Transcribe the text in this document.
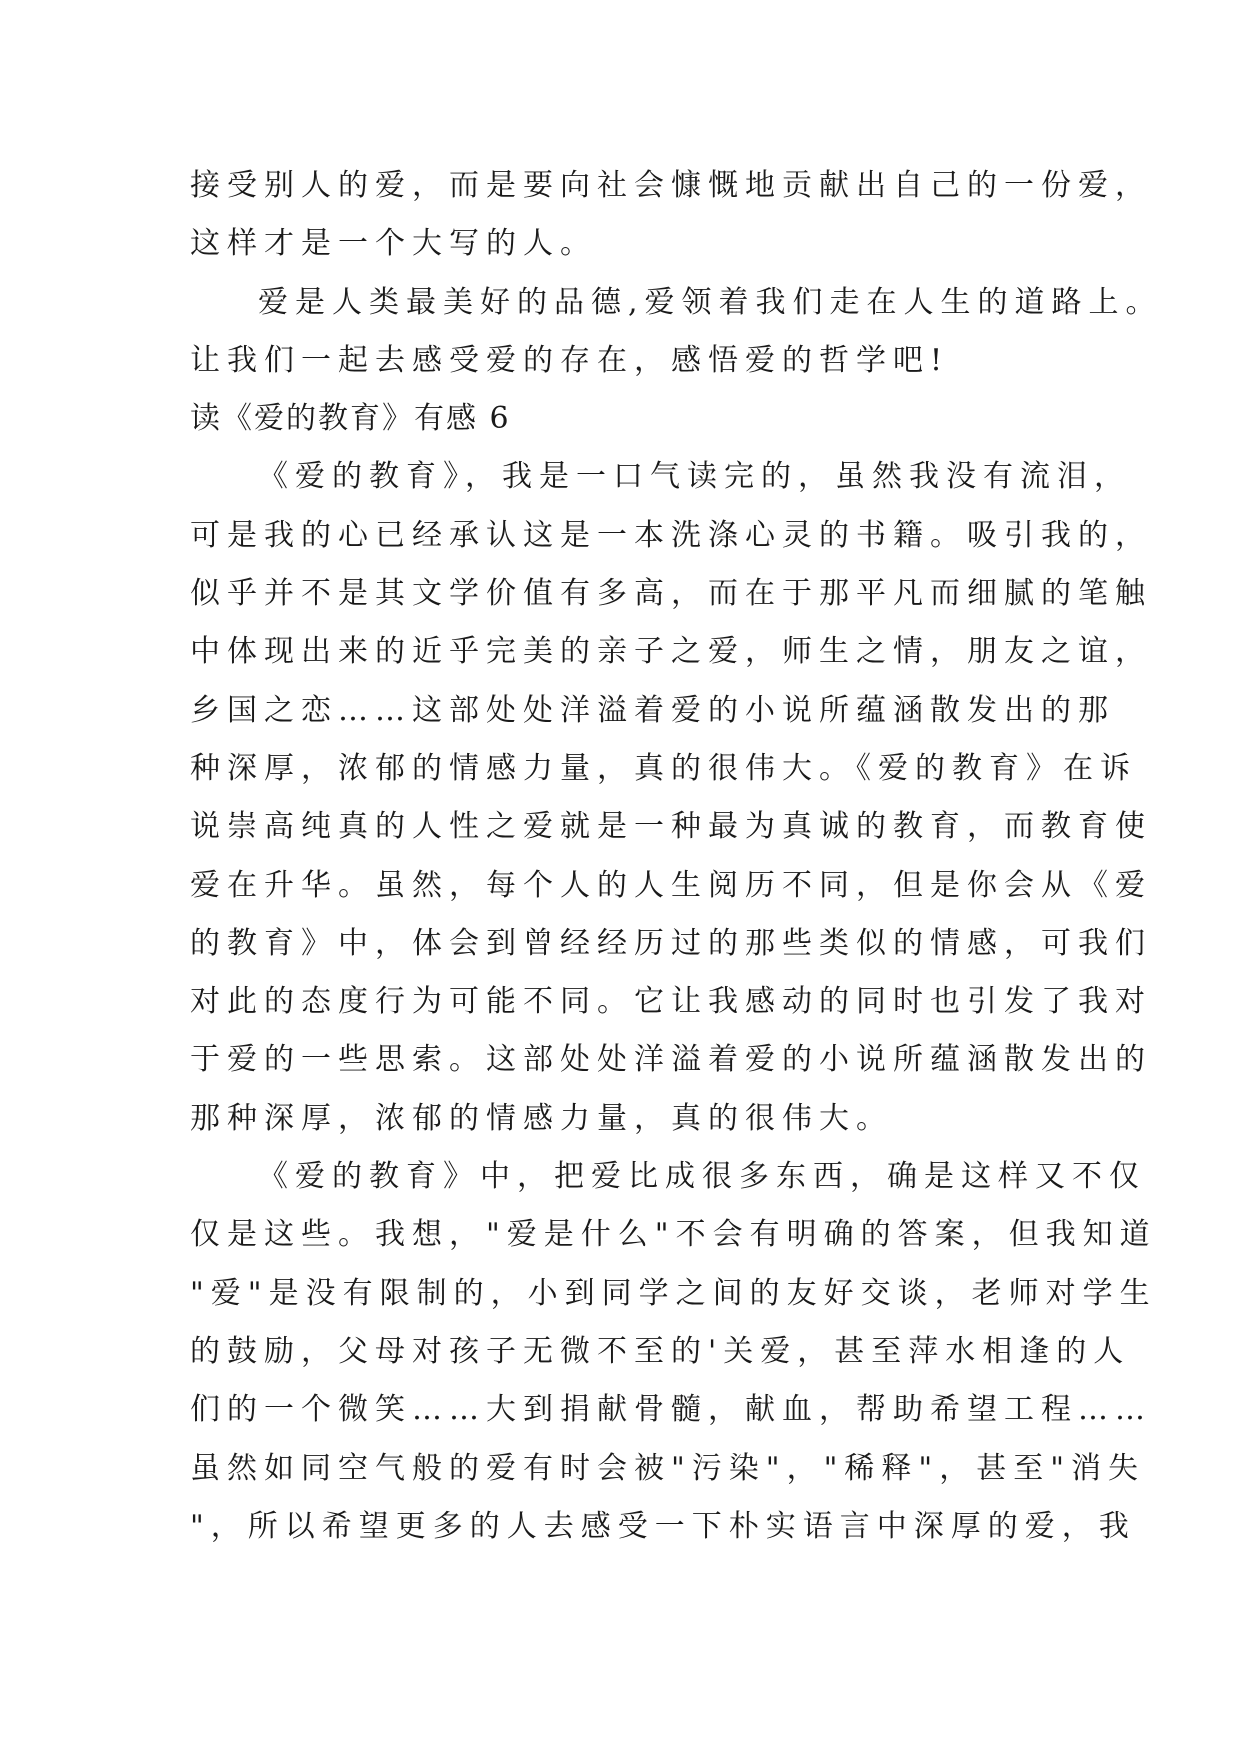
接受别人的爱，而是要向社会慷慨地贡献出自己的一份爱，
这样才是一个大写的人。
爱是人类最美好的品德,爱领着我们走在人生的道路上。
让我们一起去感受爱的存在，感悟爱的哲学吧!
读《爱的教育》有感 6
《爱的教育》，我是一口气读完的，虽然我没有流泪，
可是我的心已经承认这是一本洗涤心灵的书籍。吸引我的，
似乎并不是其文学价值有多高，而在于那平凡而细腻的笔触
中体现出来的近乎完美的亲子之爱，师生之情，朋友之谊，
乡国之恋……这部处处洋溢着爱的小说所蕴涵散发出的那
种深厚，浓郁的情感力量，真的很伟大。《爱的教育》在诉
说崇高纯真的人性之爱就是一种最为真诚的教育，而教育使
爱在升华。虽然，每个人的人生阅历不同，但是你会从《爱
的教育》中，体会到曾经经历过的那些类似的情感，可我们
对此的态度行为可能不同。它让我感动的同时也引发了我对
于爱的一些思索。这部处处洋溢着爱的小说所蕴涵散发出的
那种深厚，浓郁的情感力量，真的很伟大。
《爱的教育》中，把爱比成很多东西，确是这样又不仅
仅是这些。我想，"爱是什么"不会有明确的答案，但我知道
"爱"是没有限制的，小到同学之间的友好交谈，老师对学生
的鼓励，父母对孩子无微不至的'关爱，甚至萍水相逢的人
们的一个微笑……大到捐献骨髓，献血，帮助希望工程……
虽然如同空气般的爱有时会被"污染"，"稀释"，甚至"消失
"，所以希望更多的人去感受一下朴实语言中深厚的爱，我
